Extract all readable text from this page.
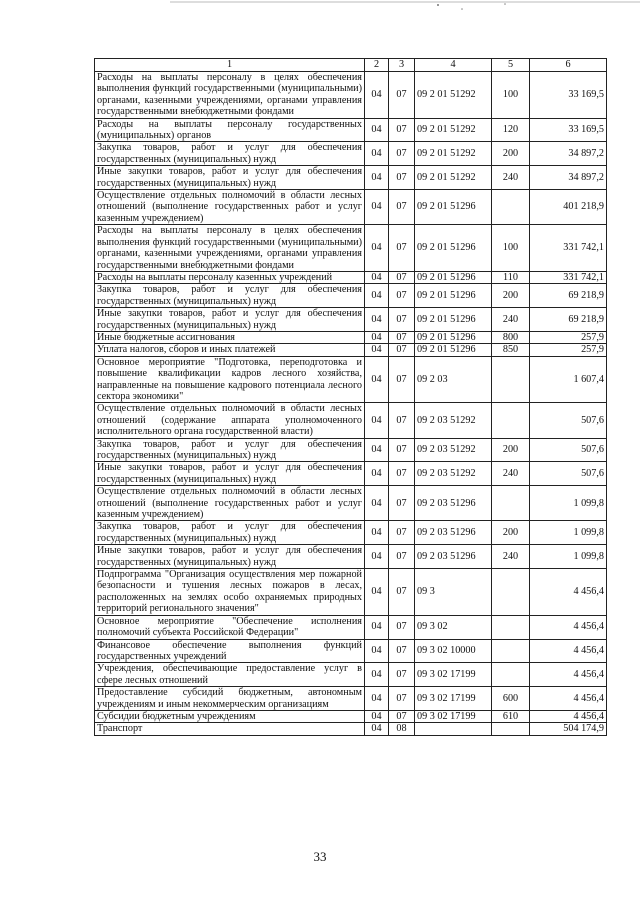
1	2	3	4	5	6
Расходы на выплаты персоналу в целях обеспечения выполнения функций государственными (муниципальными) органами, казенными учреждениями, органами управления государственными внебюджетными фондами	04	07	09 2 01 51292	100	33 169,5
Расходы на выплаты персоналу государственных (муниципальных) органов	04	07	09 2 01 51292	120	33 169,5
Закупка товаров, работ и услуг для обеспечения государственных (муниципальных) нужд	04	07	09 2 01 51292	200	34 897,2
Иные закупки товаров, работ и услуг для обеспечения государственных (муниципальных) нужд	04	07	09 2 01 51292	240	34 897,2
Осуществление отдельных полномочий в области лесных отношений (выполнение государственных работ и услуг казенным учреждением)	04	07	09 2 01 51296		401 218,9
Расходы на выплаты персоналу в целях обеспечения выполнения функций государственными (муниципальными) органами, казенными учреждениями, органами управления государственными внебюджетными фондами	04	07	09 2 01 51296	100	331 742,1
Расходы на выплаты персоналу казенных учреждений	04	07	09 2 01 51296	110	331 742,1
Закупка товаров, работ и услуг для обеспечения государственных (муниципальных) нужд	04	07	09 2 01 51296	200	69 218,9
Иные закупки товаров, работ и услуг для обеспечения государственных (муниципальных) нужд	04	07	09 2 01 51296	240	69 218,9
Иные бюджетные ассигнования	04	07	09 2 01 51296	800	257,9
Уплата налогов, сборов и иных платежей	04	07	09 2 01 51296	850	257,9
Основное мероприятие "Подготовка, переподготовка и повышение квалификации кадров лесного хозяйства, направленные на повышение кадрового потенциала лесного сектора экономики"	04	07	09 2 03		1 607,4
Осуществление отдельных полномочий в области лесных отношений (содержание аппарата уполномоченного исполнительного органа государственной власти)	04	07	09 2 03 51292		507,6
Закупка товаров, работ и услуг для обеспечения государственных (муниципальных) нужд	04	07	09 2 03 51292	200	507,6
Иные закупки товаров, работ и услуг для обеспечения государственных (муниципальных) нужд	04	07	09 2 03 51292	240	507,6
Осуществление отдельных полномочий в области лесных отношений (выполнение государственных работ и услуг казенным учреждением)	04	07	09 2 03 51296		1 099,8
Закупка товаров, работ и услуг для обеспечения государственных (муниципальных) нужд	04	07	09 2 03 51296	200	1 099,8
Иные закупки товаров, работ и услуг для обеспечения государственных (муниципальных) нужд	04	07	09 2 03 51296	240	1 099,8
Подпрограмма "Организация осуществления мер пожарной безопасности и тушения лесных пожаров в лесах, расположенных на землях особо охраняемых природных территорий регионального значения"	04	07	09 3		4 456,4
Основное мероприятие "Обеспечение исполнения полномочий субъекта Российской Федерации"	04	07	09 3 02		4 456,4
Финансовое обеспечение выполнения функций государственных учреждений	04	07	09 3 02 10000		4 456,4
Учреждения, обеспечивающие предоставление услуг в сфере лесных отношений	04	07	09 3 02 17199		4 456,4
Предоставление субсидий бюджетным, автономным учреждениям и иным некоммерческим организациям	04	07	09 3 02 17199	600	4 456,4
Субсидии бюджетным учреждениям	04	07	09 3 02 17199	610	4 456,4
Транспорт	04	08			504 174,9
33
